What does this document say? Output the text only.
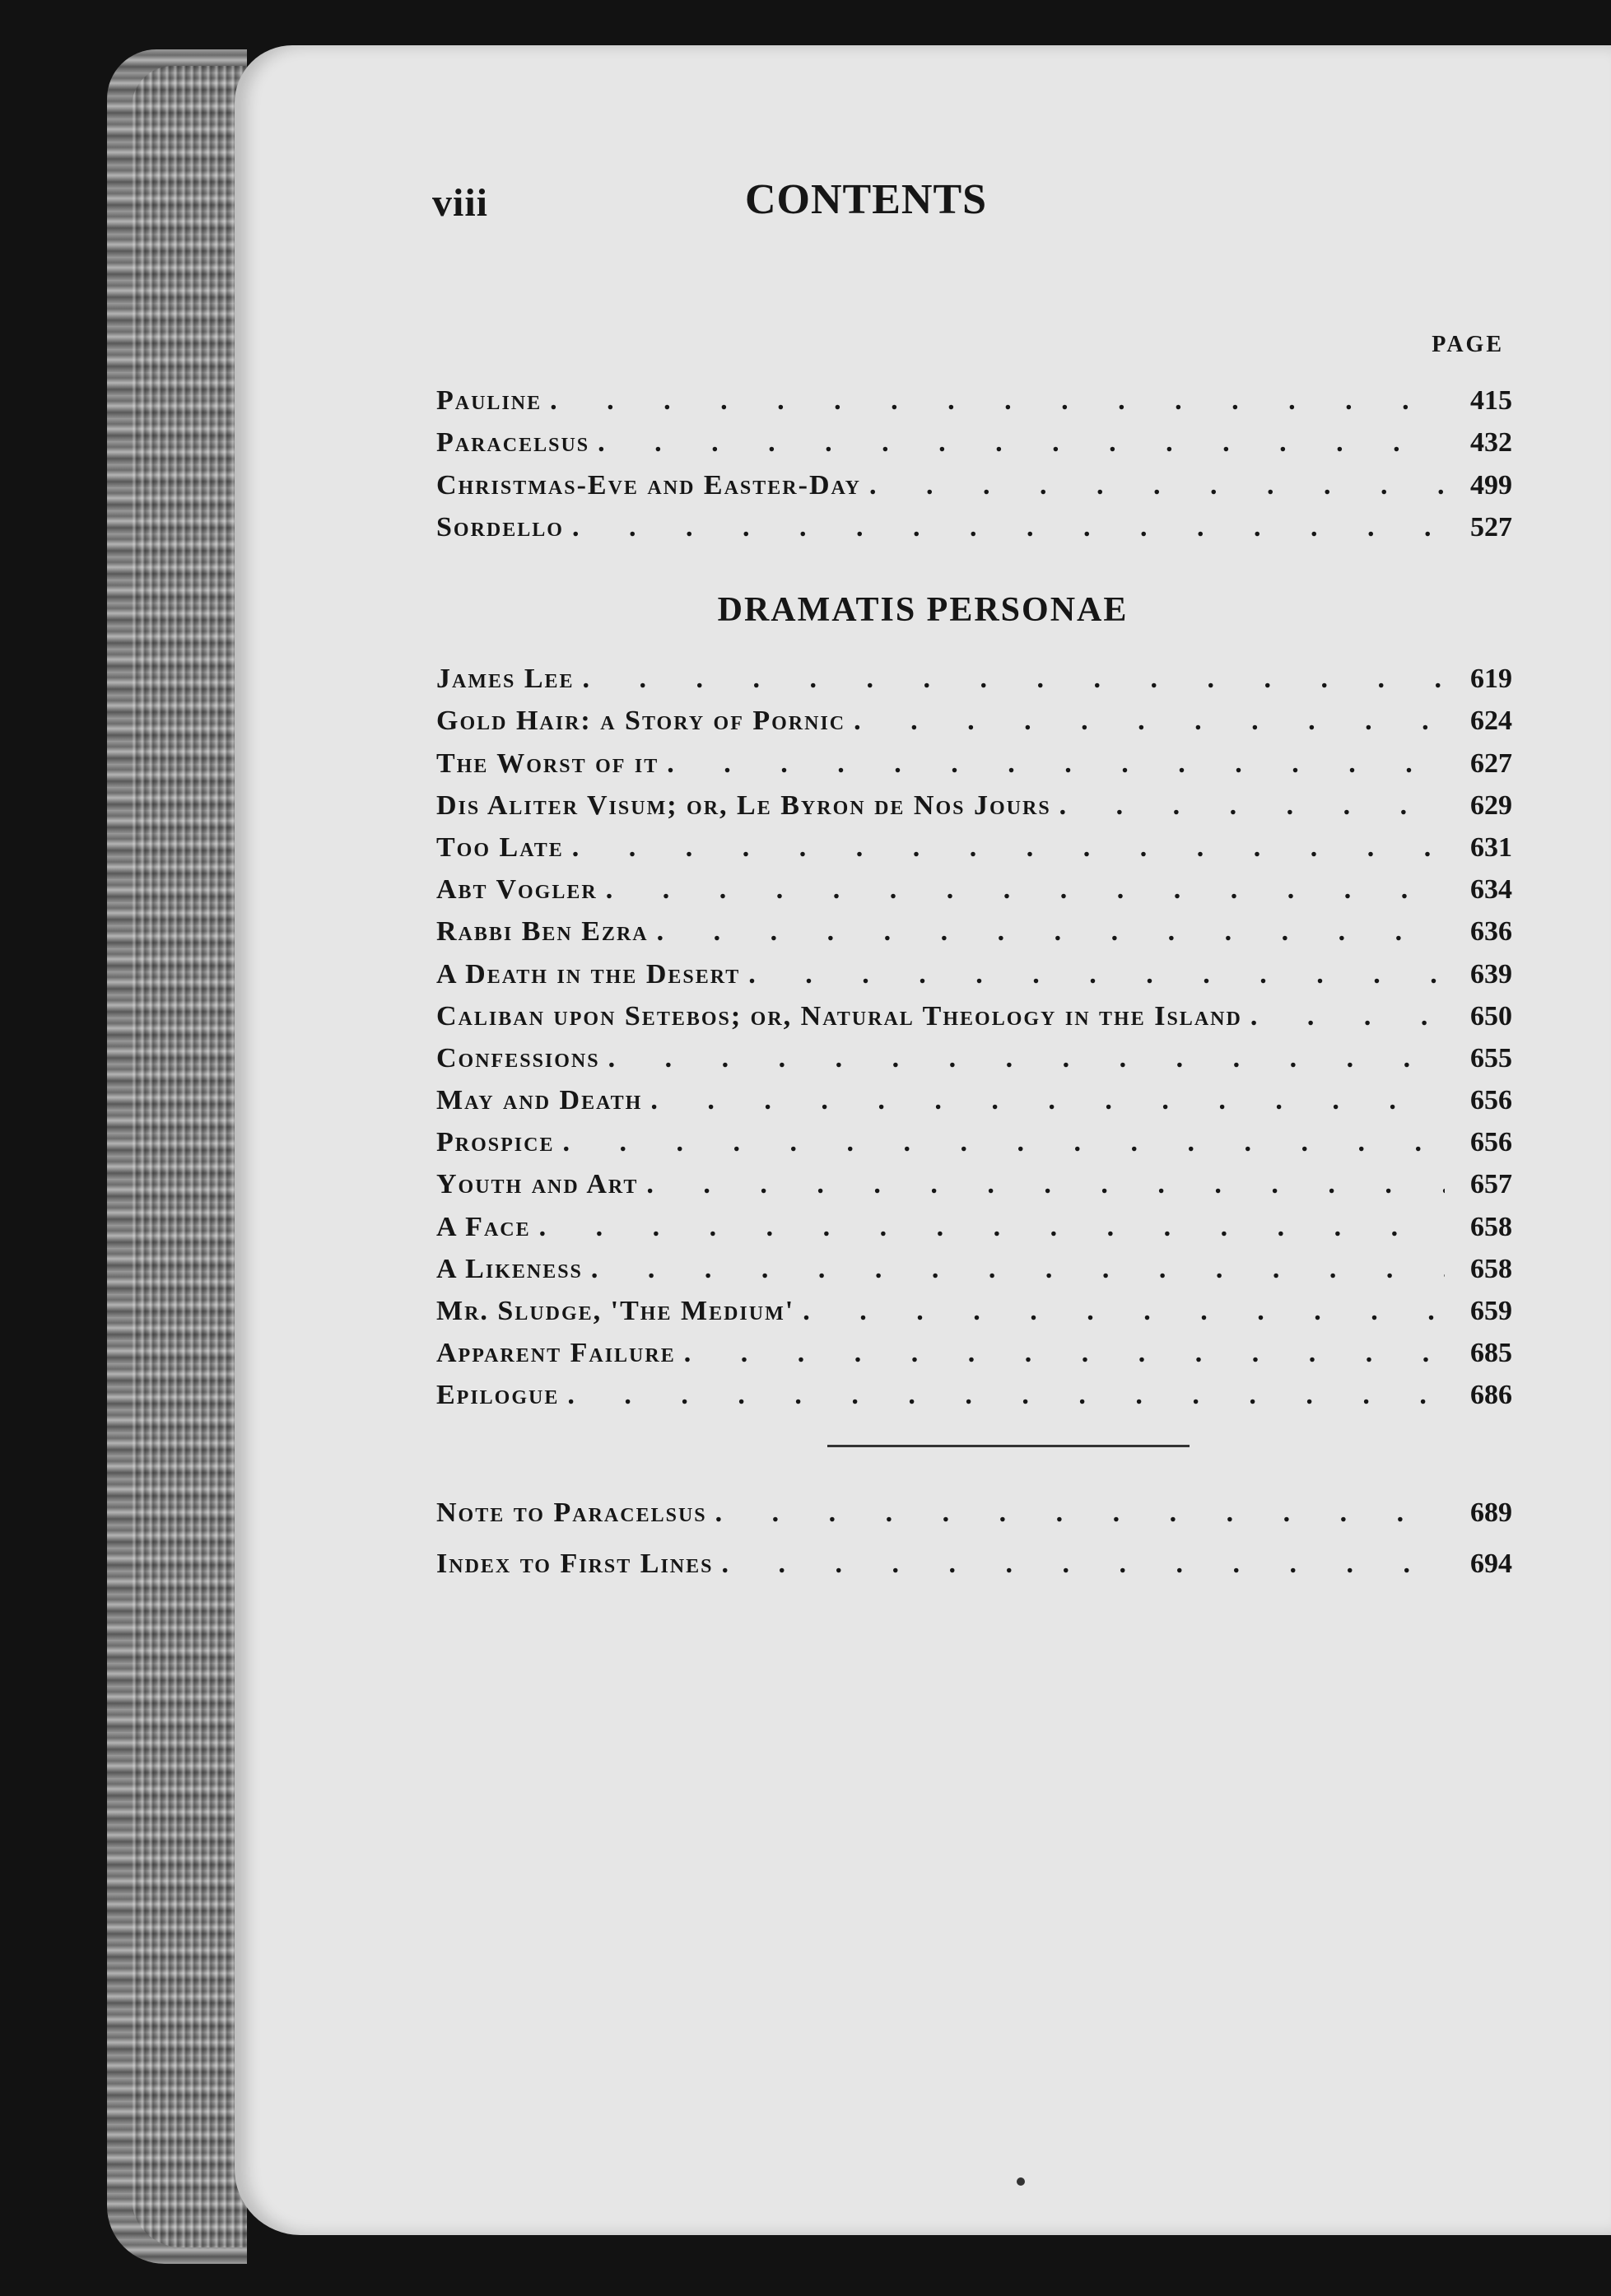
viii	CONTENTS
PAGE
Pauline . . .	415
Paracelsus . . .	432
Christmas-Eve and Easter-Day . . .	499
Sordello . . .	527
DRAMATIS PERSONAE
James Lee . . .	619
Gold Hair: a Story of Pornic . . .	624
The Worst of it . . .	627
Dis Aliter Visum; or, Le Byron de Nos Jours . . .	629
Too Late . . .	631
Abt Vogler . . .	634
Rabbi Ben Ezra . . .	636
A Death in the Desert . . .	639
Caliban upon Setebos; or, Natural Theology in the Island . . .	650
Confessions . . .	655
May and Death . . .	656
Prospice . . .	656
Youth and Art . . .	657
A Face . . .	658
A Likeness . . .	658
Mr. Sludge, 'The Medium' . . .	659
Apparent Failure . . .	685
Epilogue . . .	686
Note to Paracelsus . . .	689
Index to First Lines . . .	694
